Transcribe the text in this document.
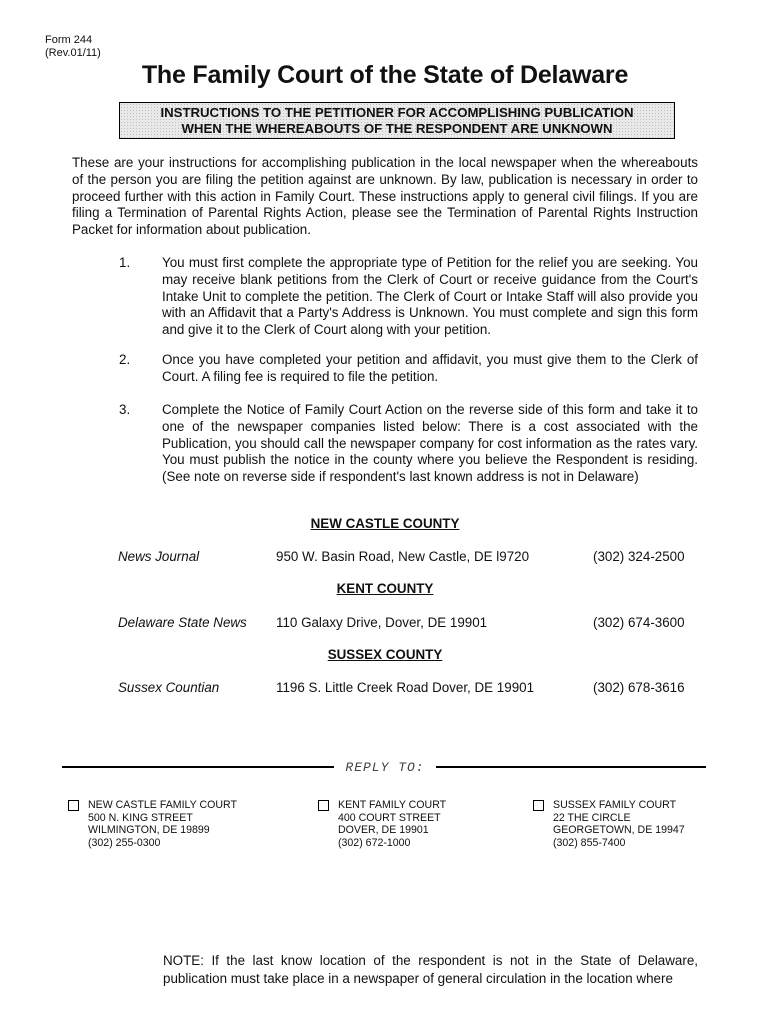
Form 244
(Rev.01/11)
The Family Court of the State of Delaware
INSTRUCTIONS TO THE PETITIONER FOR ACCOMPLISHING PUBLICATION
WHEN THE WHEREABOUTS OF THE RESPONDENT ARE UNKNOWN
These are your instructions for accomplishing publication in the local newspaper when the whereabouts of the person you are filing the petition against are unknown. By law, publication is necessary in order to proceed further with this action in Family Court. These instructions apply to general civil filings. If you are filing a Termination of Parental Rights Action, please see the Termination of Parental Rights Instruction Packet for information about publication.
1. You must first complete the appropriate type of Petition for the relief you are seeking. You may receive blank petitions from the Clerk of Court or receive guidance from the Court's Intake Unit to complete the petition. The Clerk of Court or Intake Staff will also provide you with an Affidavit that a Party's Address is Unknown. You must complete and sign this form and give it to the Clerk of Court along with your petition.
2. Once you have completed your petition and affidavit, you must give them to the Clerk of Court. A filing fee is required to file the petition.
3. Complete the Notice of Family Court Action on the reverse side of this form and take it to one of the newspaper companies listed below: There is a cost associated with the Publication, you should call the newspaper company for cost information as the rates vary. You must publish the notice in the county where you believe the Respondent is residing. (See note on reverse side if respondent's last known address is not in Delaware)
NEW CASTLE COUNTY
News Journal	950 W. Basin Road, New Castle, DE l9720	(302) 324-2500
KENT COUNTY
Delaware State News 110 Galaxy Drive, Dover, DE 19901	(302) 674-3600
SUSSEX COUNTY
Sussex Countian	1196 S. Little Creek Road Dover, DE 19901	(302) 678-3616
REPLY TO:
NEW CASTLE FAMILY COURT
500 N. KING STREET
WILMINGTON, DE 19899
(302) 255-0300
KENT FAMILY COURT
400 COURT STREET
DOVER, DE 19901
(302) 672-1000
SUSSEX FAMILY COURT
22 THE CIRCLE
GEORGETOWN, DE 19947
(302) 855-7400
NOTE: If the last know location of the respondent is not in the State of Delaware, publication must take place in a newspaper of general circulation in the location where
